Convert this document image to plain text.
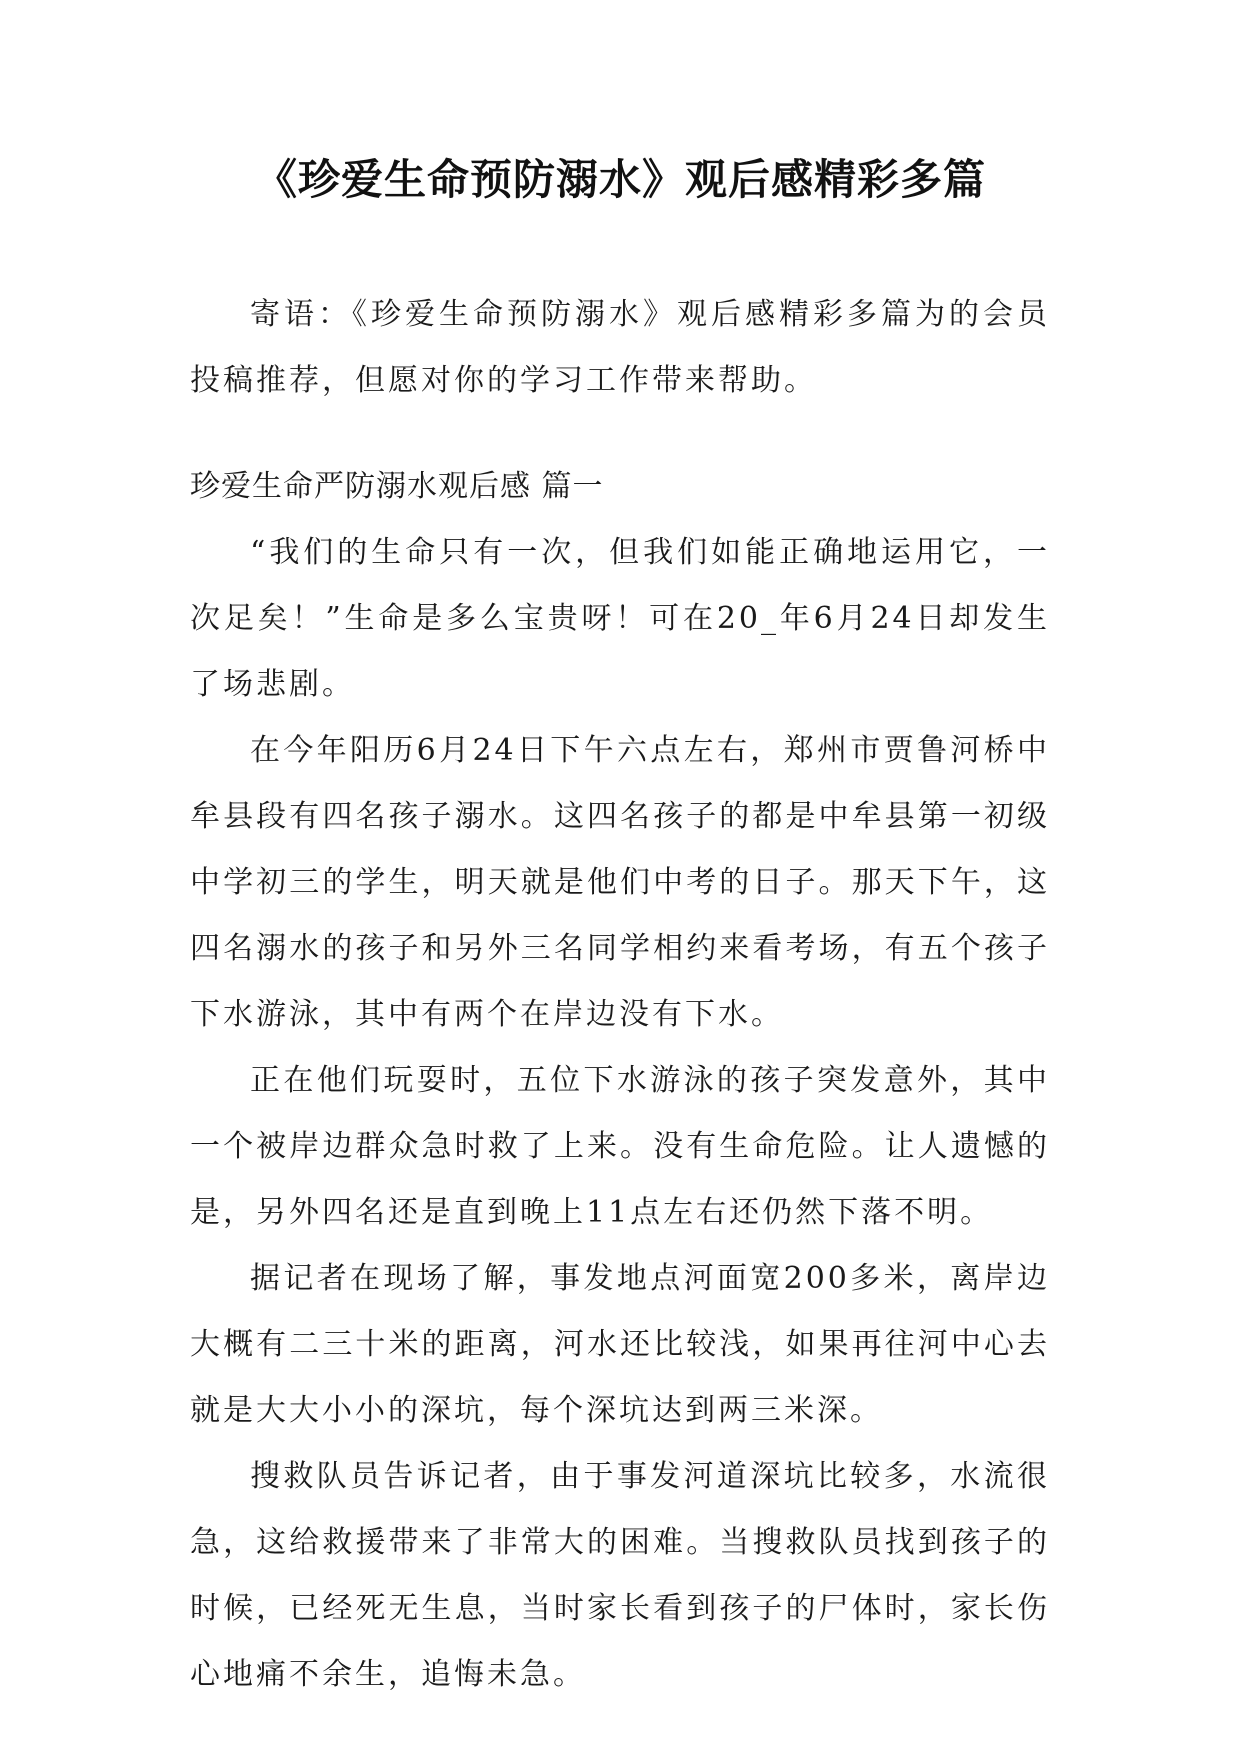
《珍爱生命预防溺水》观后感精彩多篇

寄语：《珍爱生命预防溺水》观后感精彩多篇为的会员投稿推荐，但愿对你的学习工作带来帮助。

珍爱生命严防溺水观后感 篇一

“我们的生命只有一次，但我们如能正确地运用它，一次足矣！”生命是多么宝贵呀！可在20_年6月24日却发生了场悲剧。

在今年阳历6月24日下午六点左右，郑州市贾鲁河桥中牟县段有四名孩子溺水。这四名孩子的都是中牟县第一初级中学初三的学生，明天就是他们中考的日子。那天下午，这四名溺水的孩子和另外三名同学相约来看考场，有五个孩子下水游泳，其中有两个在岸边没有下水。

正在他们玩耍时，五位下水游泳的孩子突发意外，其中一个被岸边群众急时救了上来。没有生命危险。让人遗憾的是，另外四名还是直到晚上11点左右还仍然下落不明。

据记者在现场了解，事发地点河面宽200多米，离岸边大概有二三十米的距离，河水还比较浅，如果再往河中心去就是大大小小的深坑，每个深坑达到两三米深。

搜救队员告诉记者，由于事发河道深坑比较多，水流很急，这给救援带来了非常大的困难。当搜救队员找到孩子的时候，已经死无生息，当时家长看到孩子的尸体时，家长伤心地痛不余生，追悔未急。
